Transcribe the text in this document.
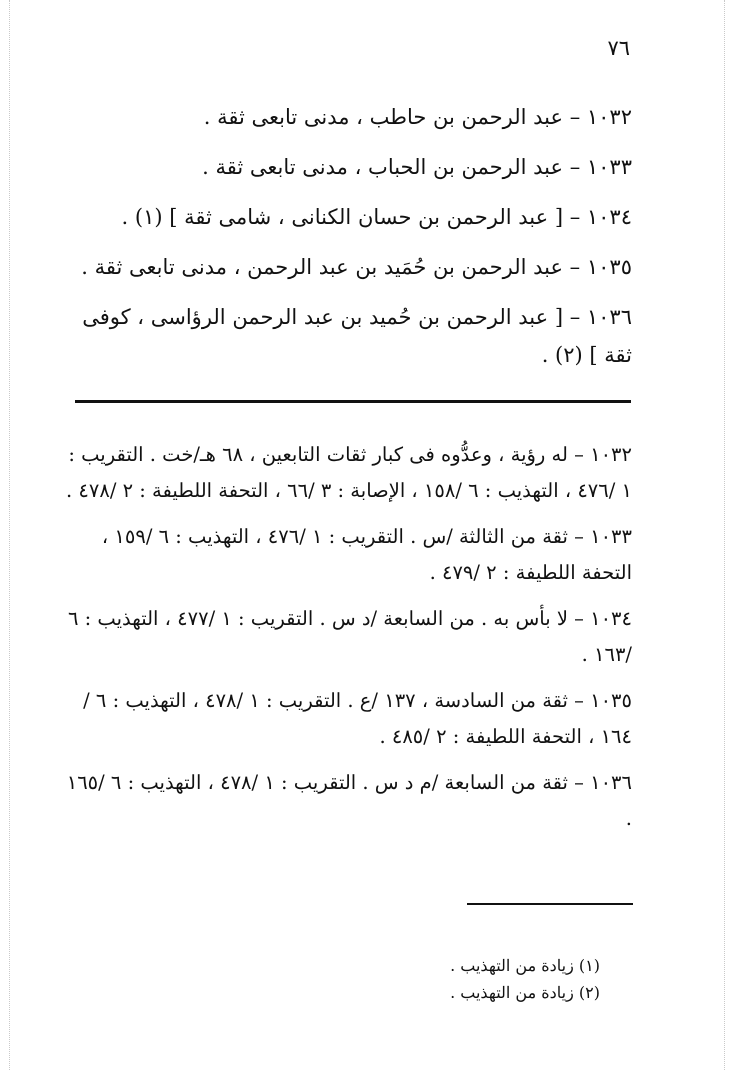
٧٦

١٠٣٢ – عبد الرحمن بن حاطب ، مدنى تابعى ثقة .

١٠٣٣ – عبد الرحمن بن الحباب ، مدنى تابعى ثقة .

١٠٣٤ – [ عبد الرحمن بن حسان الكنانى ، شامى ثقة ] (١) .

١٠٣٥ – عبد الرحمن بن حُمَيد بن عبد الرحمن ، مدنى تابعى ثقة .

١٠٣٦ – [ عبد الرحمن بن حُميد بن عبد الرحمن الرؤاسى ، كوفى ثقة ] (٢) .

١٠٣٢ – له رؤية ، وعدُّوه فى كبار ثقات التابعين ، ٦٨ هـ/خت . التقريب : ١ /٤٧٦ ، التهذيب : ٦ /١٥٨ ، الإصابة : ٣ /٦٦ ، التحفة اللطيفة : ٢ /٤٧٨ .

١٠٣٣ – ثقة من الثالثة /س . التقريب : ١ /٤٧٦ ، التهذيب : ٦ /١٥٩ ، التحفة اللطيفة : ٢ /٤٧٩ .

١٠٣٤ – لا بأس به . من السابعة /د س . التقريب : ١ /٤٧٧ ، التهذيب : ٦ /١٦٣ .

١٠٣٥ – ثقة من السادسة ، ١٣٧ /ع . التقريب : ١ /٤٧٨ ، التهذيب : ٦ /١٦٤ ، التحفة اللطيفة : ٢ /٤٨٥ .

١٠٣٦ – ثقة من السابعة /م د س . التقريب : ١ /٤٧٨ ، التهذيب : ٦ /١٦٥ .

(١) زيادة من التهذيب .
(٢) زيادة من التهذيب .
